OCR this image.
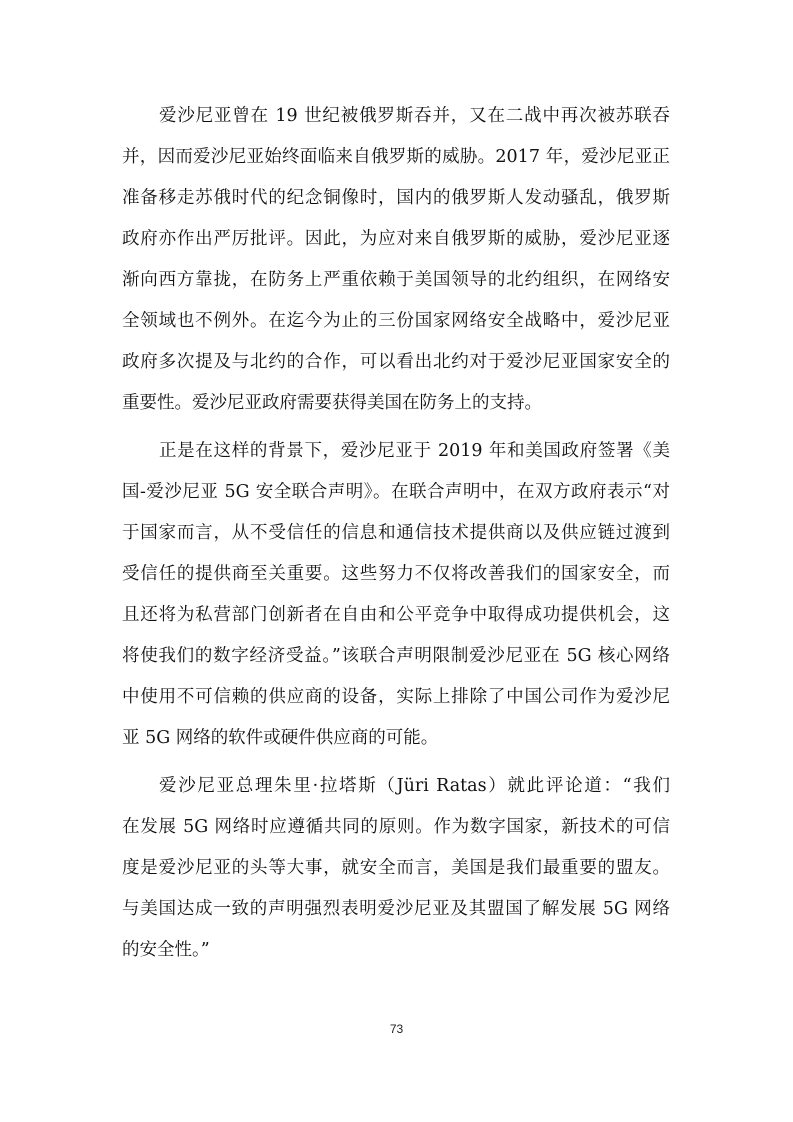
爱沙尼亚曾在 19 世纪被俄罗斯吞并，又在二战中再次被苏联吞
并，因而爱沙尼亚始终面临来自俄罗斯的威胁。2017 年，爱沙尼亚正
准备移走苏俄时代的纪念铜像时，国内的俄罗斯人发动骚乱，俄罗斯
政府亦作出严厉批评。因此，为应对来自俄罗斯的威胁，爱沙尼亚逐
渐向西方靠拢，在防务上严重依赖于美国领导的北约组织，在网络安
全领域也不例外。在迄今为止的三份国家网络安全战略中，爱沙尼亚
政府多次提及与北约的合作，可以看出北约对于爱沙尼亚国家安全的
重要性。爱沙尼亚政府需要获得美国在防务上的支持。
正是在这样的背景下，爱沙尼亚于 2019 年和美国政府签署《美
国-爱沙尼亚 5G 安全联合声明》。在联合声明中，在双方政府表示“对
于国家而言，从不受信任的信息和通信技术提供商以及供应链过渡到
受信任的提供商至关重要。这些努力不仅将改善我们的国家安全，而
且还将为私营部门创新者在自由和公平竞争中取得成功提供机会，这
将使我们的数字经济受益。”该联合声明限制爱沙尼亚在 5G 核心网络
中使用不可信赖的供应商的设备，实际上排除了中国公司作为爱沙尼
亚 5G 网络的软件或硬件供应商的可能。
爱沙尼亚总理朱里·拉塔斯（Jüri Ratas）就此评论道：“我们
在发展 5G 网络时应遵循共同的原则。作为数字国家，新技术的可信
度是爱沙尼亚的头等大事，就安全而言，美国是我们最重要的盟友。
与美国达成一致的声明强烈表明爱沙尼亚及其盟国了解发展 5G 网络
的安全性。”
73
